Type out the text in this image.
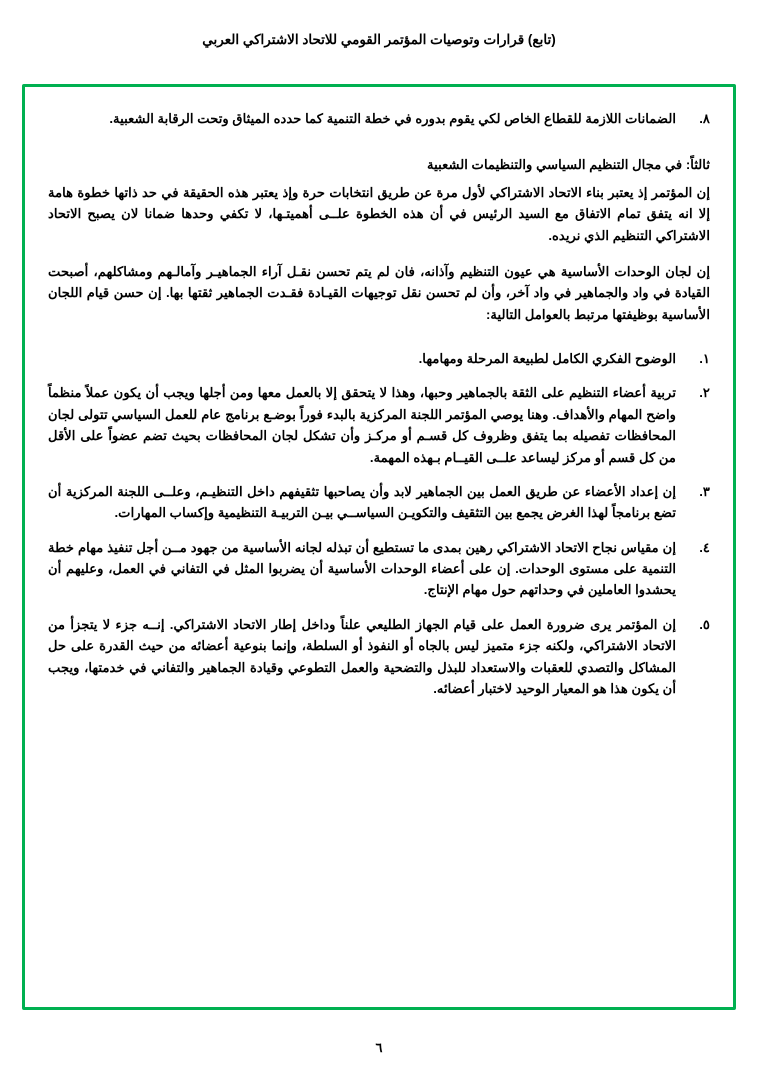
(تابع) قرارات وتوصيات المؤتمر القومي للاتحاد الاشتراكي العربي
٨.
الضمانات اللازمة للقطاع الخاص لكي يقوم بدوره في خطة التنمية كما حدده الميثاق وتحت الرقابة الشعبية.
ثالثاً: في مجال التنظيم السياسي والتنظيمات الشعبية
إن المؤتمر إذ يعتبر بناء الاتحاد الاشتراكي لأول مرة عن طريق انتخابات حرة وإذ يعتبر هذه الحقيقة في حد ذاتها خطوة هامة إلا انه يتفق تمام الاتفاق مع السيد الرئيس في أن هذه الخطوة علــى أهميتـها، لا تكفي وحدها ضمانا لان يصبح الاتحاد الاشتراكي التنظيم الذي نريده.
إن لجان الوحدات الأساسية هي عيون التنظيم وآذانه، فان لم يتم تحسن نقـل آراء الجماهيـر وآمالـهم ومشاكلهم، أصبحت القيادة في واد والجماهير في واد آخر، وأن لم تحسن نقل توجيهات القيـادة فقـدت الجماهير ثقتها بها. إن حسن قيام اللجان الأساسية بوظيفتها مرتبط بالعوامل التالية:
١.
الوضوح الفكري الكامل لطبيعة المرحلة ومهامها.
٢.
تربية أعضاء التنظيم على الثقة بالجماهير وحبها، وهذا لا يتحقق إلا بالعمل معها ومن أجلها ويجب أن يكون عملاً منظماً واضح المهام والأهداف. وهنا يوصي المؤتمر اللجنة المركزية بالبدء فوراً بوضـع برنامج عام للعمل السياسي تتولى لجان المحافظات تفصيله بما يتفق وظروف كل قسـم أو مركـز وأن تشكل لجان المحافظات بحيث تضم عضواً على الأقل من كل قسم أو مركز ليساعد علــى القيــام بـهذه المهمة.
٣.
إن إعداد الأعضاء عن طريق العمل بين الجماهير لابد وأن يصاحبها تثقيفهم داخل التنظيـم، وعلــى اللجنة المركزية أن تضع برنامجاً لهذا الغرض يجمع بين التثقيف والتكويـن السياســي بيـن التربيـة التنظيمية وإكساب المهارات.
٤.
إن مقياس نجاح الاتحاد الاشتراكي رهين بمدى ما تستطيع أن تبذله لجانه الأساسية من جهود مــن أجل تنفيذ مهام خطة التنمية على مستوى الوحدات. إن على أعضاء الوحدات الأساسية أن يضربوا المثل في التفاني في العمل، وعليهم أن يحشدوا العاملين في وحداتهم حول مهام الإنتاج.
٥.
إن المؤتمر يرى ضرورة العمل على قيام الجهاز الطليعي علناً وداخل إطار الاتحاد الاشتراكي. إنــه جزء لا يتجزأ من الاتحاد الاشتراكي، ولكنه جزء متميز ليس بالجاه أو النفوذ أو السلطة، وإنما بنوعية أعضائه من حيث القدرة على حل المشاكل والتصدي للعقبات والاستعداد للبذل والتضحية والعمل التطوعي وقيادة الجماهير والتفاني في خدمتها، ويجب أن يكون هذا هو المعيار الوحيد لاختبار أعضائه.
٦
